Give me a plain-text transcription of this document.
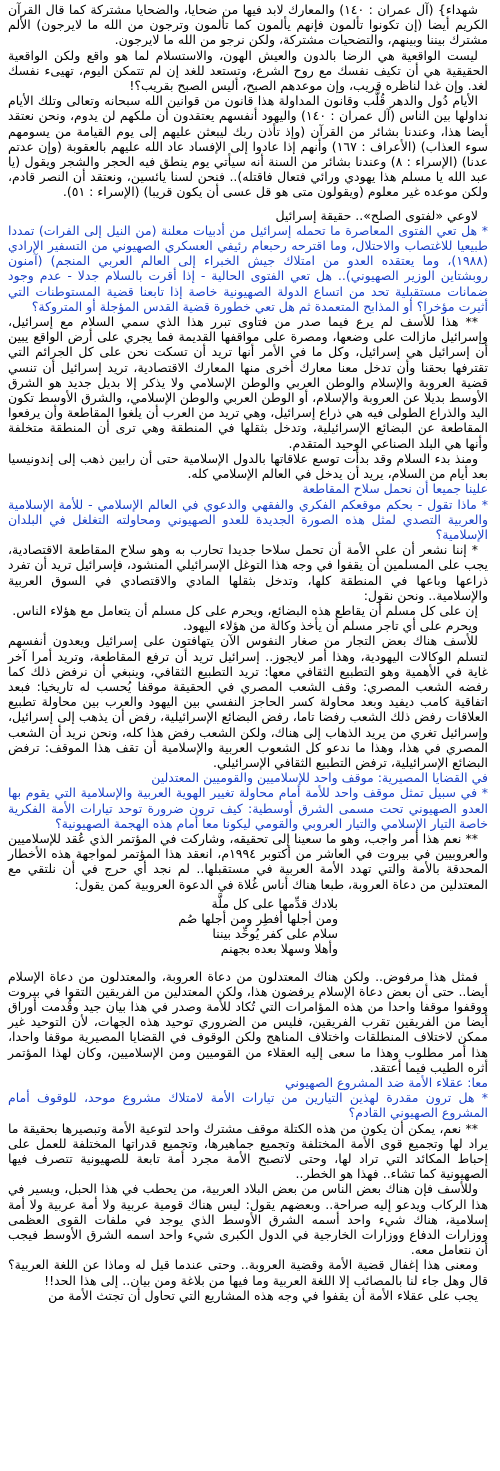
شهداء} (آل عمران : ١٤٠) والمعارك لابد فيها من ضحايا، والضحايا مشتركة كما قال القرآن الكريم أيضا (إن تكونوا تألمون فإنهم يألمون كما تألمون وترجون من الله ما لايرجون) الألم مشترك بيننا وبينهم، والتضحيات مشتركة، ولكن نرجو من الله ما لايرجون.

ليست الواقعية هي الرضا بالدون والعيش الهون، والاستسلام لما هو واقع ولكن الواقعية الحقيقية هي أن تكيف نفسك مع روح الشرع، وتستعد للغد إن لم تتمكن اليوم، تهيىء نفسك لغد. وإن غدا لناظره قريب، وإن موعدهم الصبح، أليس الصبح بقريب؟!

الأيام دُول والدهر قُلَّب وقانون المداولة هذا قانون من قوانين الله سبحانه وتعالى وتلك الأيام نداولها بين الناس (آل عمران : ١٤٠) واليهود أنفسهم يعتقدون أن ملكهم لن يدوم، ونحن نعتقد أيضا هذا، وعندنا بشائر من القرآن (وإذ تأذن ربك ليبعثن عليهم إلى يوم القيامة من يسومهم سوء العذاب) (الأعراف : ١٦٧) وأنهم إذا عادوا إلى الإفساد عاد الله عليهم بالعقوبة (وإن عدتم عدنا) (الإسراء : ٨) وعندنا بشائر من السنة أنه سيأتي يوم ينطق فيه الحجر والشجر ويقول (يا عبد الله يا مسلم هذا يهودي ورائي فتعال فاقتله).. فنحن لسنا يائسين، ونعتقد أن النصر قادم، ولكن موعده غير معلوم (ويقولون متى هو قل عسى أن يكون قريبا) (الإسراء : ٥١).

لاوعي «لفتوى الصلح».. حقيقة إسرائيل

* هل تعي الفتوى المعاصرة ما تحمله إسرائيل من أدبيات معلنة (من النيل إلى الفرات) تمددا طبيعيا للاغتصاب والاحتلال، وما اقترحه رحبعام رئيفي العسكري الصهيوني من التسفير الإرادي (١٩٨٨)، وما يعتقده العدو من امتلاك جيش الخبراء إلى العالم العربي المنجم) (آمنون روبشتاين الوزير الصهيوني).. هل تعي الفتوى الحالية - إذا أقرت بالسلام جدلا - عدم وجود ضمانات مستقبلية تحد من اتساع الدولة الصهيونية خاصة إذا تابعنا قضية المستوطنات التي أثيرت مؤخرا؟ أو المذابح المتعمدة ثم هل تعي خطورة قضية القدس المؤجلة أو المتروكة؟

** هذا للأسف لم يرع فيما صدر من فتاوى تبرر هذا الذي سمي السلام مع إسرائيل، وإسرائيل مازالت على وضعها، ومصرة على مواقفها القديمة فما يجري على أرض الواقع يبين أن إسرائيل هي إسرائيل، وكل ما في الأمر أنها تريد أن تسكت نحن على كل الجرائم التي تقترفها بحقنا وأن تدخل معنا معارك أخرى منها المعارك الاقتصادية، تريد إسرائيل أن تنسي قضية العروبة والإسلام والوطن العربي والوطن الإسلامي ولا يذكر إلا بديل جديد هو الشرق الأوسط بديلا عن العروبة والإسلام، أو الوطن العربي والوطن الإسلامي، والشرق الأوسط تكون اليد والذراع الطولى فيه هي ذراع إسرائيل، وهي تريد من العرب أن يلغوا المقاطعة وأن يرفعوا المقاطعة عن البضائع الإسرائيلية، وتدخل بثقلها في المنطقة وهي ترى أن المنطقة متخلفة وأنها هي البلد الصناعي الوحيد المتقدم.

ومنذ بدء السلام وقد بدأت توسع علاقاتها بالدول الإسلامية حتى أن رابين ذهب إلى إندونيسيا بعد أيام من السلام، يريد أن يدخل في العالم الإسلامي كله.

علينا جميعا أن نحمل سلاح المقاطعة

* ماذا تقول - بحكم موقعكم الفكري والفقهي والدعوي في العالم الإسلامي - للأمة الإسلامية والعربية التصدي لمثل هذه الصورة الجديدة للعدو الصهيوني ومحاولته التغلغل في البلدان الإسلامية؟

* إننا نشعر أن على الأمة أن تحمل سلاحا جديدا تحارب به وهو سلاح المقاطعة الاقتصادية، يجب على المسلمين أن يقفوا في وجه هذا التوغل الإسرائيلي المنشود، فإسرائيل تريد أن تفرد ذراعها وباعها في المنطقة كلها، وتدخل بثقلها المادي والاقتصادي في السوق العربية والإسلامية.. ونحن نقول:

إن على كل مسلم أن يقاطع هذه البضائع، ويحرم على كل مسلم أن يتعامل مع هؤلاء الناس.

ويحرم على أي تاجر مسلم أن يأخذ وكالة من هؤلاء اليهود.

للأسف هناك بعض التجار من صغار النفوس الآن يتهافتون على إسرائيل ويعدون أنفسهم لتسلم الوكالات اليهودية، وهذا أمر لايجوز.. إسرائيل تريد أن ترفع المقاطعة، وتريد أمرا آخر غاية في الأهمية وهو التطبيع الثقافي معها: تريد التطبيع الثقافي، وينبغي أن نرفض ذلك كما رفضه الشعب المصري: وقف الشعب المصري في الحقيقة موقفا يُحسب له تاريخيا: فبعد اتفاقية كامب ديفيد وبعد محاولة كسر الحاجز النفسي بين اليهود والعرب بين محاولة تطبيع العلاقات رفض ذلك الشعب رفضا تاما، رفض البضائع الإسرائيلية، رفض أن يذهب إلى إسرائيل، وإسرائيل تغري من يريد الذهاب إلى هناك، ولكن الشعب رفض هذا كله، ونحن نريد أن الشعب المصري في هذا، وهذا ما ندعو كل الشعوب العربية والإسلامية أن تقف هذا الموقف: ترفض البضائع الإسرائيلية، ترفض التطبيع الثقافي الإسرائيلي.

في القضايا المصيرية: موقف واحد للإسلاميين والقوميين المعتدلين

* في سبيل تمثل موقف واحد للأمة أمام محاولة تغيير الهوية العربية والإسلامية التي يقوم بها العدو الصهيوني تحت مسمى الشرق أوسطية: كيف ترون ضرورة توحد تيارات الأمة الفكرية خاصة التيار الإسلامي والتيار العروبي والقومي ليكونا معا أمام هذه الهجمة الصهيونية؟

** نعم هذا أمر واجب، وهو ما سعينا إلى تحقيقه، وشاركت في المؤتمر الذي عُقد للإسلاميين والعروبيين في بيروت في العاشر من أكتوبر ١٩٩٤م، انعقد هذا المؤتمر لمواجهة هذه الأخطار المحدقة بالأمة والتي تهدد الأمة العربية في مستقبلها.. لم نجد أي حرج في أن نلتقي مع المعتدلين من دعاة العروبة، طبعا هناك أناس غُلاة في الدعوة العروبية كمن يقول:

بلادك قدِّمها على كل ملَّة
ومن أجلها أفطِر ومن أجلها صُم
سلام على كفر يُوحِّد بيننا
وأهلا وسهلا بعده بجهنم

فمثل هذا مرفوض.. ولكن هناك المعتدلون من دعاة العروبة، والمعتدلون من دعاة الإسلام أيضا.. حتى أن بعض دعاة الإسلام يرفضون هذا، ولكن المعتدلين من الفريقين التقوا في بيروت ووقفوا موقفا واحدا من هذه المؤامرات التي تُكاد للأمة وصدر في هذا بيان جيد وقُدمت أوراق أيضا من الفريقين تقرب الفريقين، فليس من الضروري توحيد هذه الجهات، لأن التوحيد غير ممكن لاختلاف المنطلقات واختلاف المناهج ولكن الوقوف في القضايا المصيرية موقفا واحدا، هذا أمر مطلوب وهذا ما سعى إليه العقلاء من القوميين ومن الإسلاميين، وكان لهذا المؤتمر أثره الطيب فيما أعتقد.

معا: عقلاء الأمة ضد المشروع الصهيوني

* هل ترون مقدرة لهذين التيارين من تيارات الأمة لامتلاك مشروع موحد، للوقوف أمام المشروع الصهيوني القادم؟

** نعم، يمكن أن يكون من هذه الكتلة موقف مشترك واحد لتوعية الأمة وتبصيرها بحقيقة ما يراد لها وتجميع قوى الأمة المختلفة وتجميع جماهيرها، وتجميع قدراتها المختلفة للعمل على إحباط المكائد التي تراد لها، وحتى لاتصبح الأمة مجرد أمة تابعة للصهيونية تتصرف فيها الصهيونية كما تشاء.. فهذا هو الخطر..

وللأسف فإن هناك بعض الناس من بعض البلاد العربية، من يحطب في هذا الحبل، ويسير في هذا الركاب ويدعو إليه صراحة.. وبعضهم يقول: ليس هناك قومية عربية ولا أمة عربية ولا أمة إسلامية، هناك شيء واحد أسمه الشرق الأوسط الذي يوجد في ملفات القوى العظمى ووزارات الدفاع ووزارات الخارجية في الدول الكبرى شيء واحد اسمه الشرق الأوسط فيجب أن نتعامل معه.

ومعنى هذا إغفال قضية الأمة وقضية العروبة.. وحتى عندما قيل له وماذا عن اللغة العربية؟ قال وهل جاء لنا بالمصائب إلا اللغة العربية وما فيها من بلاغة ومن بيان.. إلى هذا الحد!!

يجب على عقلاء الأمة أن يقفوا في وجه هذه المشاريع التي تحاول أن تجتث الأمة من
